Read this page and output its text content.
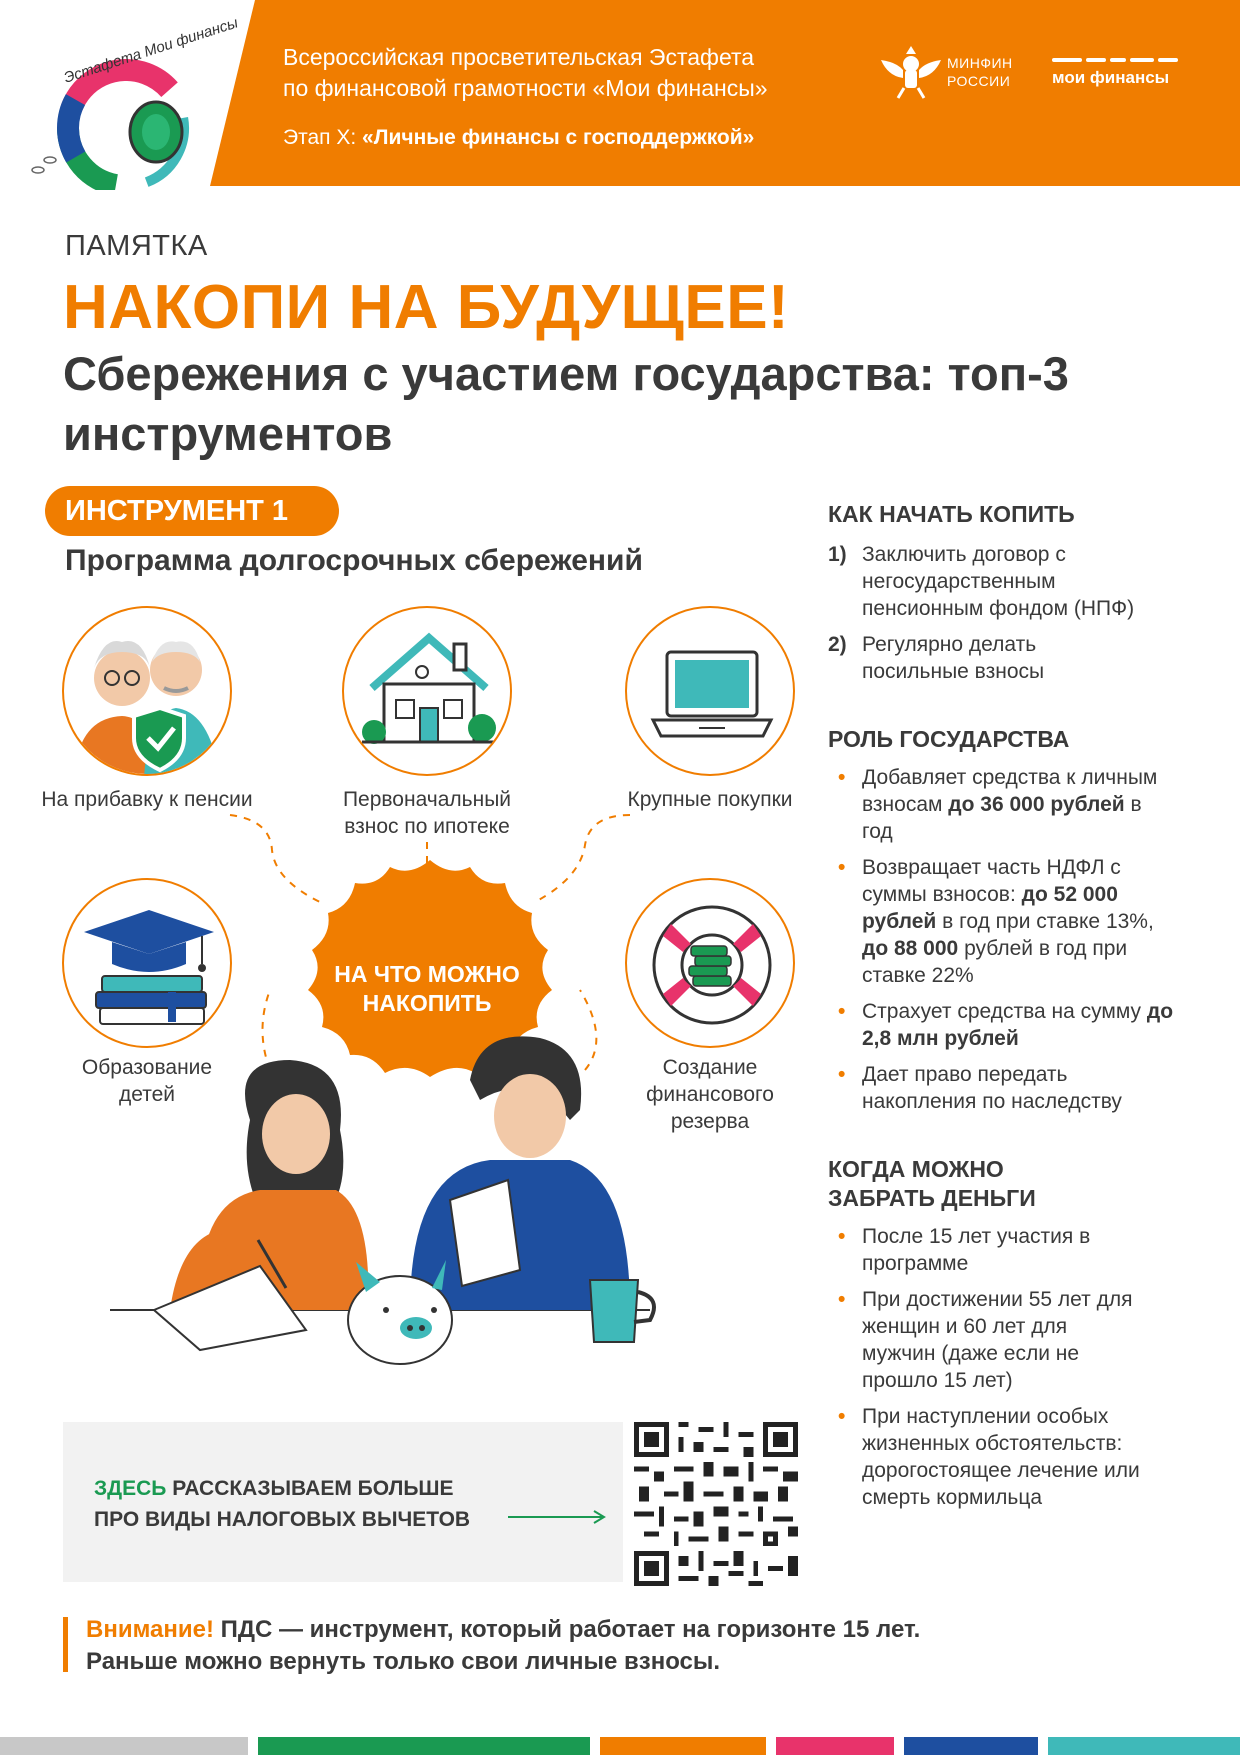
Эстафета Мои финансы Всероссийская просветительская Эстафета
по финансовой грамотности «Мои финансы»
Этап X: «Личные финансы с господдержкой»
МИНФИН
РОССИИ мои финансы
ПАМЯТКА
НАКОПИ НА БУДУЩЕЕ!
Сбережения с участием государства: топ-3 инструментов
ИНСТРУМЕНТ 1
Программа долгосрочных сбережений
НА ЧТО МОЖНО НАКОПИТЬ
На прибавку к пенсии	Первоначальный взнос по ипотеке
Крупные покупки
Образование детей
Создание финансового резерва
КАК НАЧАТЬ КОПИТЬ
1) Заключить договор с негосударственным пенсионным фондом (НПФ)
2) Регулярно делать посильные взносы
РОЛЬ ГОСУДАРСТВА
• Добавляет средства к личным взносам до 36 000 рублей в год
• Возвращает часть НДФЛ с суммы взносов: до 52 000 рублей в год при ставке 13%, до 88 000 рублей в год при ставке 22%
• Страхует средства на сумму до 2,8 млн рублей
• Дает право передать накопления по наследству
КОГДА МОЖНО ЗАБРАТЬ ДЕНЬГИ
• После 15 лет участия в программе
• При достижении 55 лет для женщин и 60 лет для мужчин (даже если не прошло 15 лет)
• При наступлении особых жизненных обстоятельств: дорогостоящее лечение или смерть кормильца
ЗДЕСЬ РАССКАЗЫВАЕМ БОЛЬШЕ
ПРО ВИДЫ НАЛОГОВЫХ ВЫЧЕТОВ
Внимание! ПДС — инструмент, который работает на горизонте 15 лет.
Раньше можно вернуть только свои личные взносы.
